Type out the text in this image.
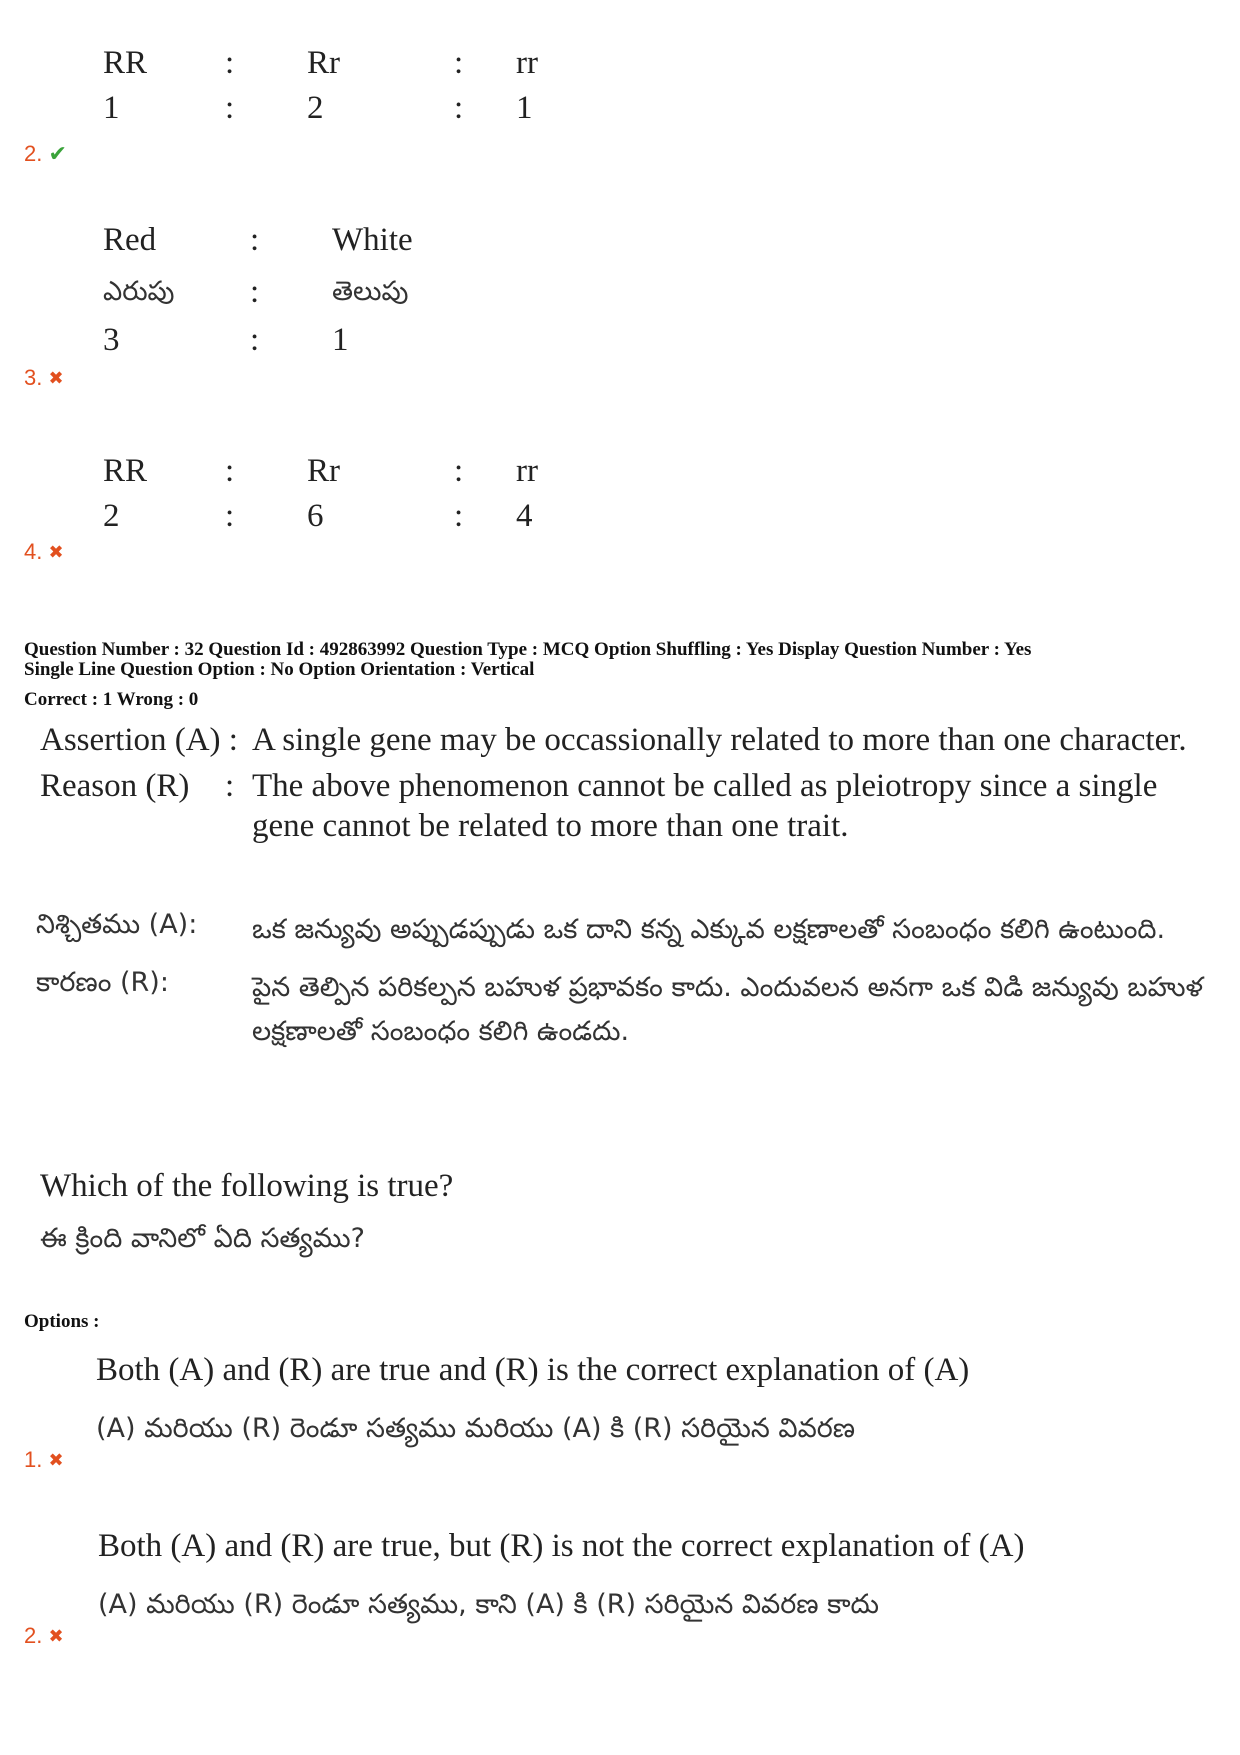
RR	:	Rr	:	rr
1	:	2	:	1
2. ✔
Red	:	White
ఎరుపు	:	తెలుపు
3	:	1
3. ✖
RR	:	Rr	:	rr
2	:	6	:	4
4. ✖
Question Number : 32 Question Id : 492863992 Question Type : MCQ Option Shuffling : Yes Display Question Number : Yes
Single Line Question Option : No Option Orientation : Vertical
Correct : 1 Wrong : 0
Assertion (A) :	A single gene may be occassionally related to more than one character.
Reason (R) :	The above phenomenon cannot be called as pleiotropy since a single gene cannot be related to more than one trait.
నిశ్చితము (A):	ఒక జన్యువు అప్పుడప్పుడు ఒక దాని కన్న ఎక్కువ లక్షణాలతో సంబంధం కలిగి ఉంటుంది.
కారణం (R):	పైన తెల్పిన పరికల్పన బహుళ ప్రభావకం కాదు. ఎందువలన అనగా ఒక విడి జన్యువు బహుళ లక్షణాలతో సంబంధం కలిగి ఉండదు.
Which of the following is true?
ఈ క్రింది వానిలో ఏది సత్యము?
Options :
Both (A) and (R) are true and (R) is the correct explanation of (A)
(A) మరియు (R) రెండూ సత్యము మరియు (A) కి (R) సరియైన వివరణ
1. ✖
Both (A) and (R) are true, but (R) is not the correct explanation of (A)
(A) మరియు (R) రెండూ సత్యము, కాని (A) కి (R) సరియైన వివరణ కాదు
2. ✖
